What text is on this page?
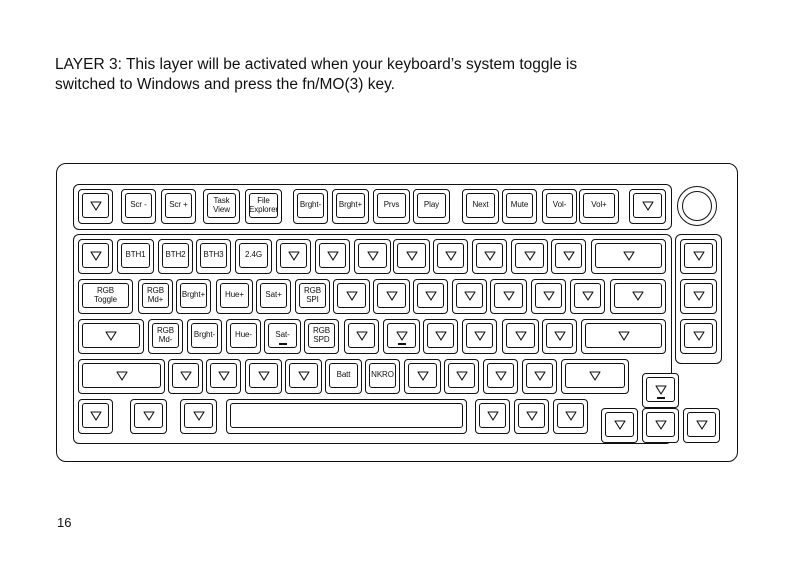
LAYER 3: This layer will be activated when your keyboard’s system toggle is
switched to Windows and press the fn/MO(3) key.
Scr -	Scr +	Task
View
File
Explorer	Brght- Brght+	Prvs	Play	Next	Mute	Vol-	Vol+
BTH1 BTH2 BTH3	2.4G
RGB
Toggle
RGB
Md+ Brght+ Hue+	Sat+	RGB
SPI
RGB
Md-	Brght- Hue-	Sat-	RGB
SPD
Batt	NKRO
16
